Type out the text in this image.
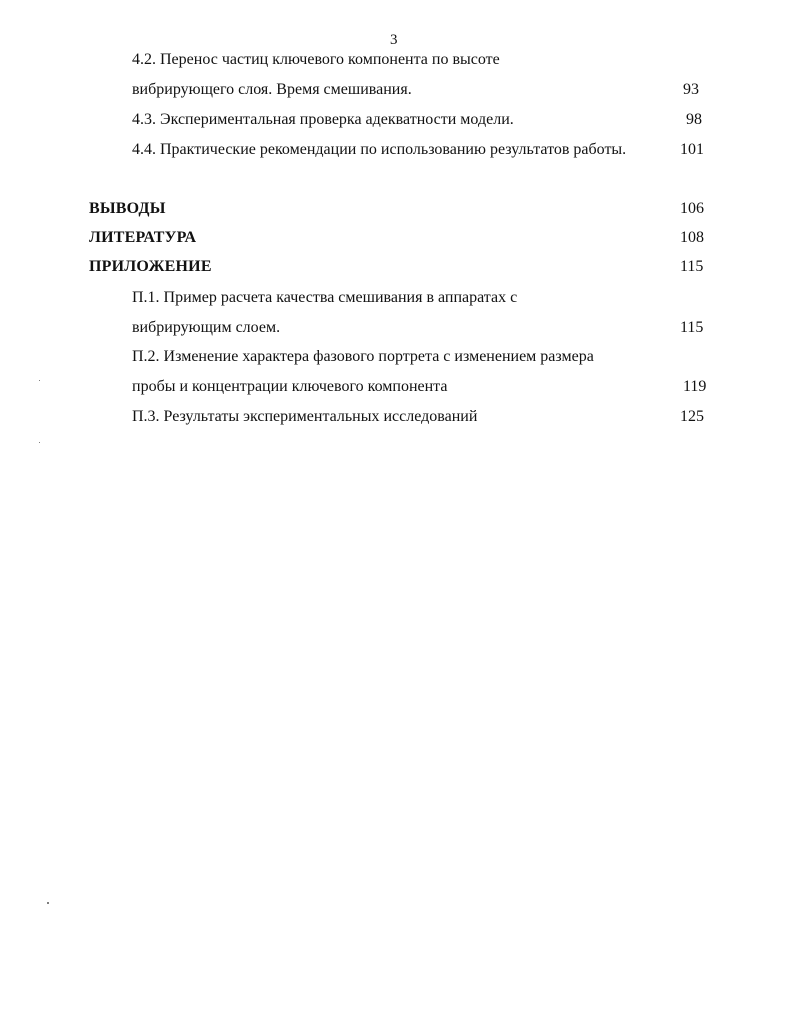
3
4.2. Перенос частиц ключевого компонента по высоте
вибрирующего слоя. Время смешивания.	93
4.3. Экспериментальная проверка адекватности модели.	98
4.4. Практические рекомендации по использованию результатов работы.	101
ВЫВОДЫ	106
ЛИТЕРАТУРА	108
ПРИЛОЖЕНИЕ	115
П.1. Пример расчета качества смешивания в аппаратах с
вибрирующим слоем.	115
П.2. Изменение характера фазового портрета с изменением размера
пробы и концентрации ключевого компонента	119
П.3. Результаты экспериментальных исследований	125
